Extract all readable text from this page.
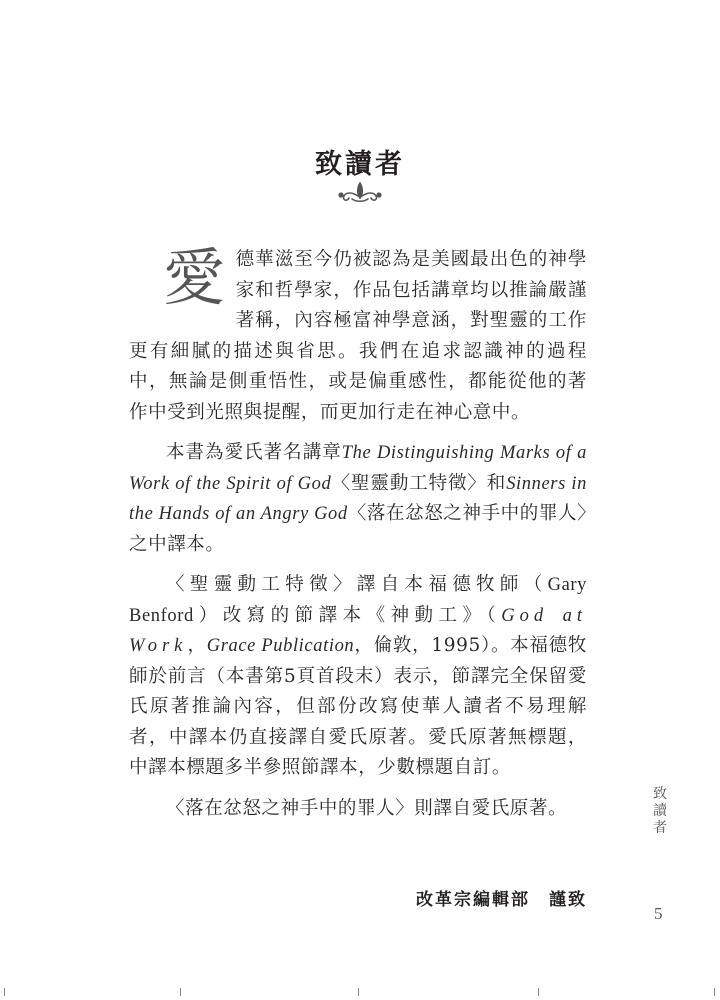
致讀者

愛德華滋至今仍被認為是美國最出色的神學家和哲學家，作品包括講章均以推論嚴謹著稱，內容極富神學意涵，對聖靈的工作更有細膩的描述與省思。我們在追求認識神的過程中，無論是側重悟性，或是偏重感性，都能從他的著作中受到光照與提醒，而更加行走在神心意中。

本書為愛氏著名講章The Distinguishing Marks of a Work of the Spirit of God〈聖靈動工特徵〉和Sinners in the Hands of an Angry God〈落在忿怒之神手中的罪人〉之中譯本。

〈聖靈動工特徵〉譯自本福德牧師（Gary Benford）改寫的節譯本《神動工》（God at Work，Grace Publication，倫敦，1995）。本福德牧師於前言（本書第5頁首段末）表示，節譯完全保留愛氏原著推論內容，但部份改寫使華人讀者不易理解者，中譯本仍直接譯自愛氏原著。愛氏原著無標題，中譯本標題多半參照節譯本，少數標題自訂。

〈落在忿怒之神手中的罪人〉則譯自愛氏原著。

改革宗編輯部　謹致
致讀者
5
